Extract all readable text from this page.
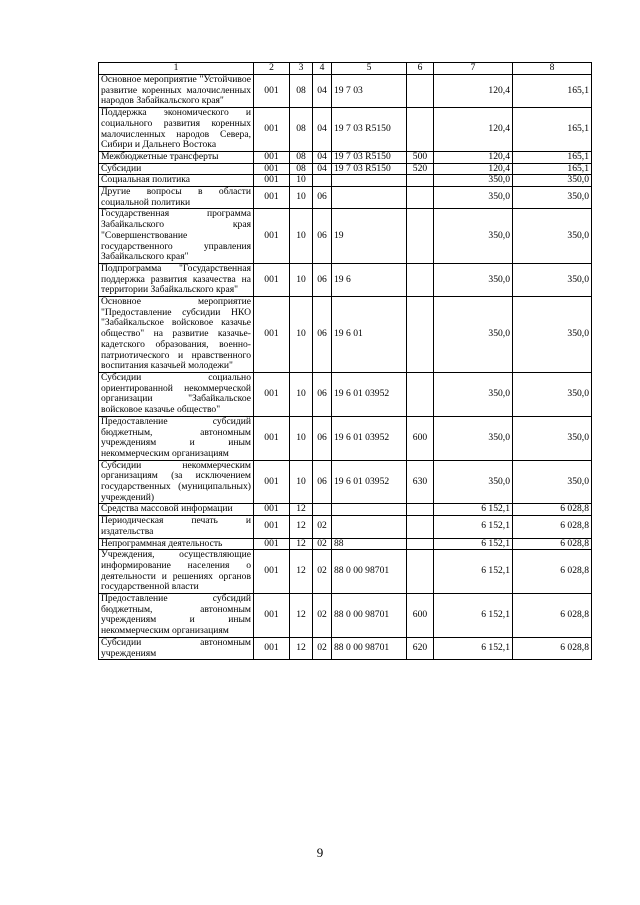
1	2	3	4	5	6	7	8
Основное мероприятие "Устойчивое развитие коренных малочисленных народов Забайкальского края"	001	08	04	19 7 03		120,4	165,1
Поддержка экономического и социального развития коренных малочисленных народов Севера, Сибири и Дальнего Востока	001	08	04	19 7 03 R5150		120,4	165,1
Межбюджетные трансферты	001	08	04	19 7 03 R5150	500	120,4	165,1
Субсидии	001	08	04	19 7 03 R5150	520	120,4	165,1
Социальная политика	001	10				350,0	350,0
Другие вопросы в области социальной политики	001	10	06			350,0	350,0
Государственная программа Забайкальского края "Совершенствование государственного управления Забайкальского края"	001	10	06	19		350,0	350,0
Подпрограмма "Государственная поддержка развития казачества на территории Забайкальского края"	001	10	06	19 6		350,0	350,0
Основное мероприятие "Предоставление субсидии НКО "Забайкальское войсковое казачье общество" на развитие казачье-кадетского образования, военно-патриотического и нравственного воспитания казачьей молодежи"	001	10	06	19 6 01		350,0	350,0
Субсидии социально ориентированной некоммерческой организации "Забайкальское войсковое казачье общество"	001	10	06	19 6 01 03952		350,0	350,0
Предоставление субсидий бюджетным, автономным учреждениям и иным некоммерческим организациям	001	10	06	19 6 01 03952	600	350,0	350,0
Субсидии некоммерческим организациям (за исключением государственных (муниципальных) учреждений)	001	10	06	19 6 01 03952	630	350,0	350,0
Средства массовой информации	001	12				6 152,1	6 028,8
Периодическая печать и издательства	001	12	02			6 152,1	6 028,8
Непрограммная деятельность	001	12	02	88		6 152,1	6 028,8
Учреждения, осуществляющие информирование населения о деятельности и решениях органов государственной власти	001	12	02	88 0 00 98701		6 152,1	6 028,8
Предоставление субсидий бюджетным, автономным учреждениям и иным некоммерческим организациям	001	12	02	88 0 00 98701	600	6 152,1	6 028,8
Субсидии автономным учреждениям	001	12	02	88 0 00 98701	620	6 152,1	6 028,8
9
